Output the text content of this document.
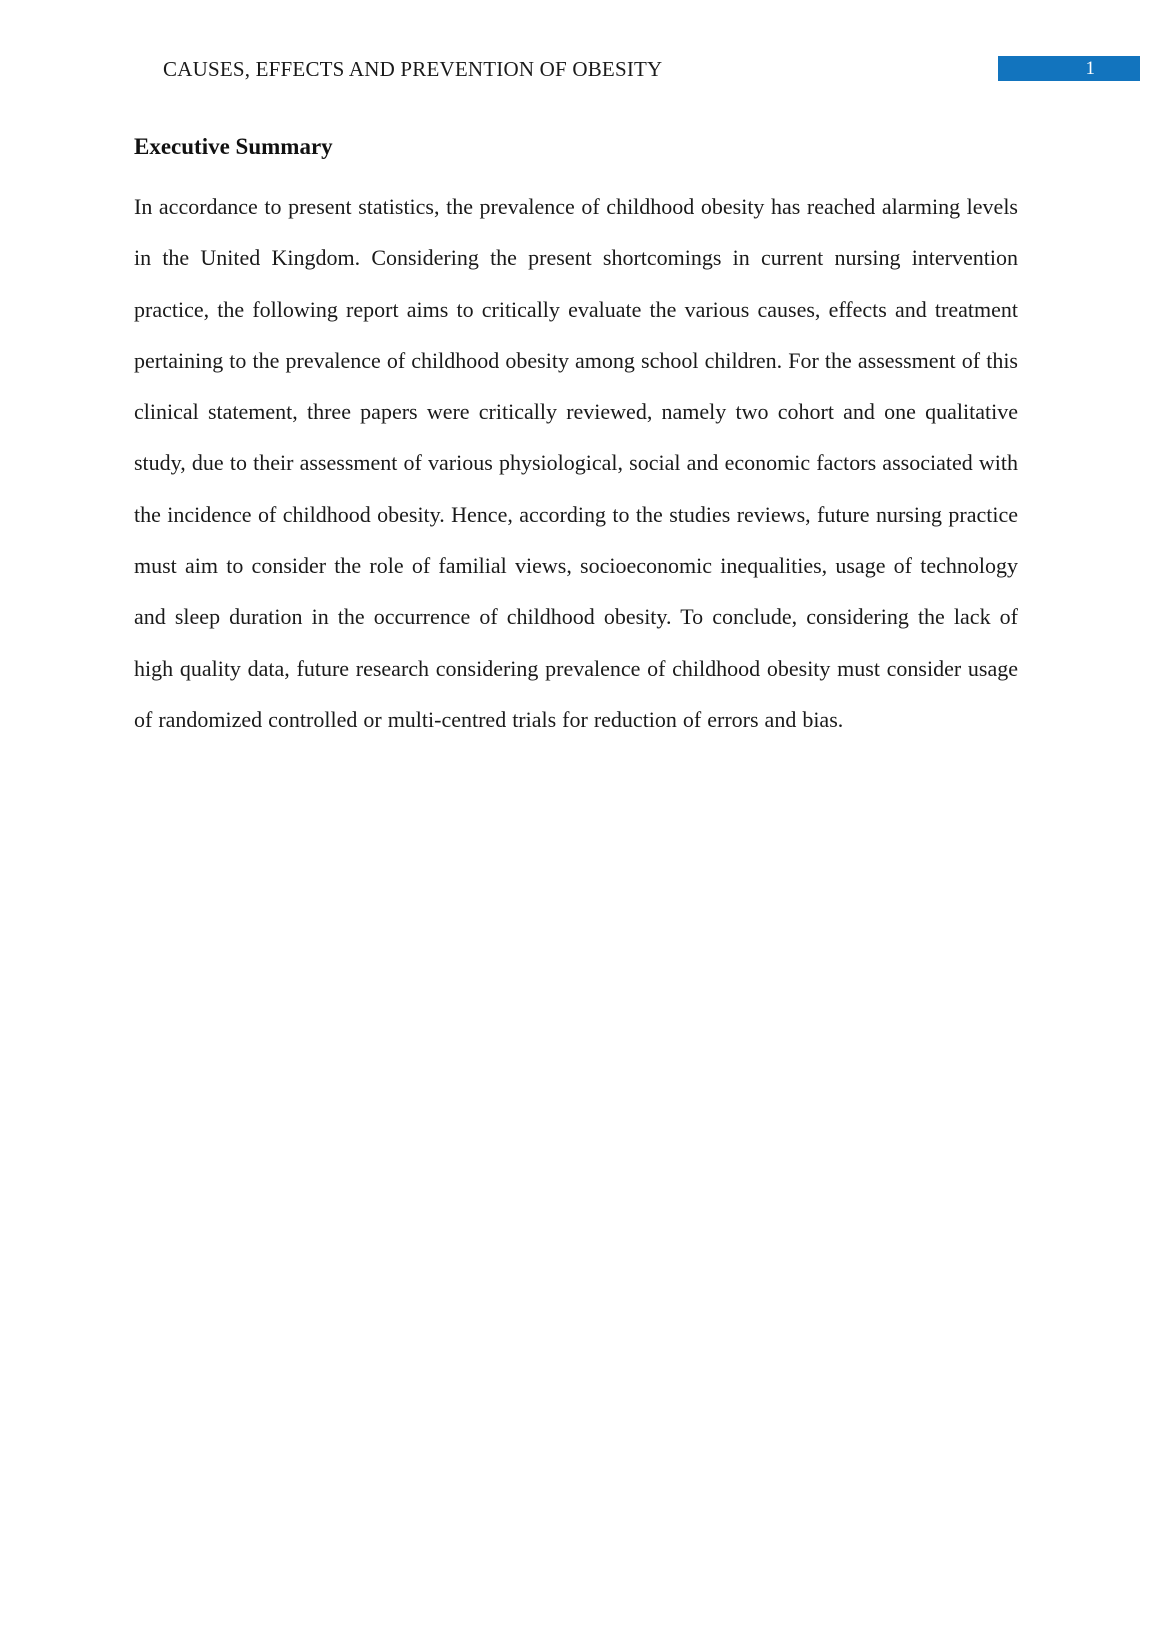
CAUSES, EFFECTS AND PREVENTION OF OBESITY	1
Executive Summary
In accordance to present statistics, the prevalence of childhood obesity has reached alarming levels in the United Kingdom. Considering the present shortcomings in current nursing intervention practice, the following report aims to critically evaluate the various causes, effects and treatment pertaining to the prevalence of childhood obesity among school children. For the assessment of this clinical statement, three papers were critically reviewed, namely two cohort and one qualitative study, due to their assessment of various physiological, social and economic factors associated with the incidence of childhood obesity. Hence, according to the studies reviews, future nursing practice must aim to consider the role of familial views, socioeconomic inequalities, usage of technology and sleep duration in the occurrence of childhood obesity. To conclude, considering the lack of high quality data, future research considering prevalence of childhood obesity must consider usage of randomized controlled or multi-centred trials for reduction of errors and bias.
